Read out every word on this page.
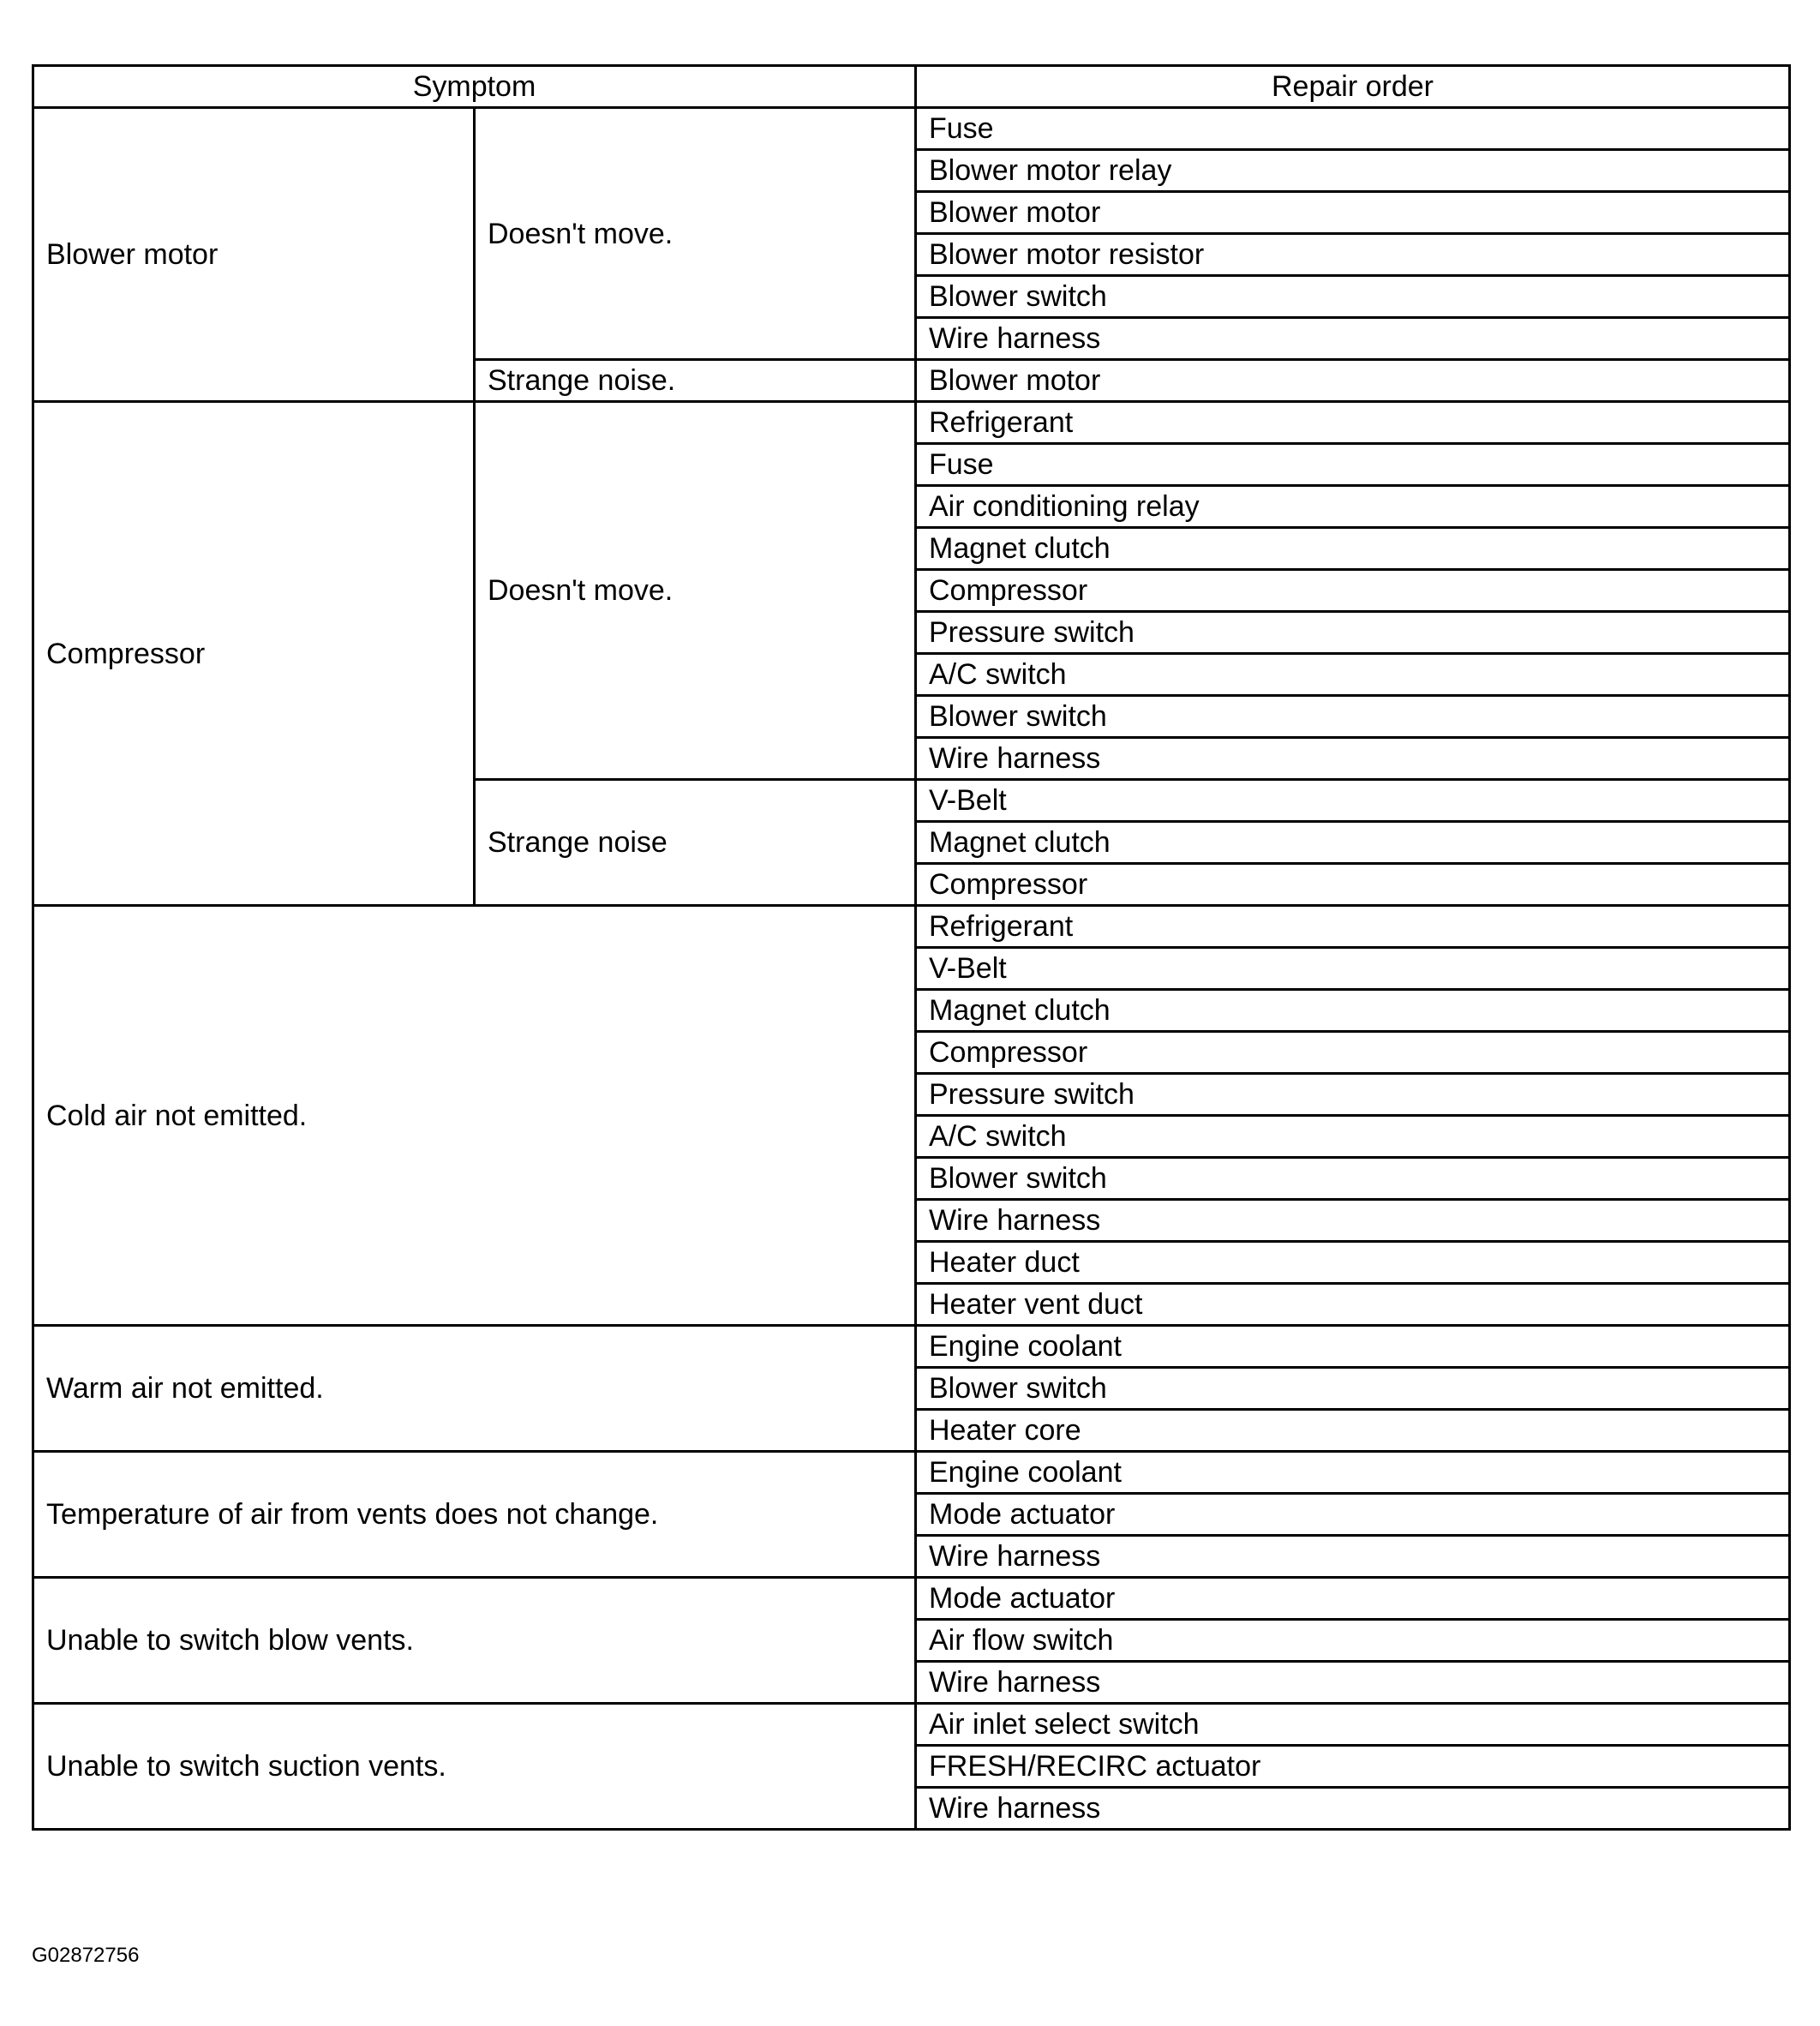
Symptom		Repair order
Blower motor	Doesn't move.	Fuse
		Blower motor relay
		Blower motor
		Blower motor resistor
		Blower switch
		Wire harness
	Strange noise.	Blower motor
Compressor	Doesn't move.	Refrigerant
		Fuse
		Air conditioning relay
		Magnet clutch
		Compressor
		Pressure switch
		A/C switch
		Blower switch
		Wire harness
	Strange noise	V-Belt
		Magnet clutch
		Compressor
Cold air not emitted.		Refrigerant
		V-Belt
		Magnet clutch
		Compressor
		Pressure switch
		A/C switch
		Blower switch
		Wire harness
		Heater duct
		Heater vent duct
Warm air not emitted.		Engine coolant
		Blower switch
		Heater core
Temperature of air from vents does not change.		Engine coolant
		Mode actuator
		Wire harness
Unable to switch blow vents.		Mode actuator
		Air flow switch
		Wire harness
Unable to switch suction vents.		Air inlet select switch
		FRESH/RECIRC actuator
		Wire harness
G02872756
